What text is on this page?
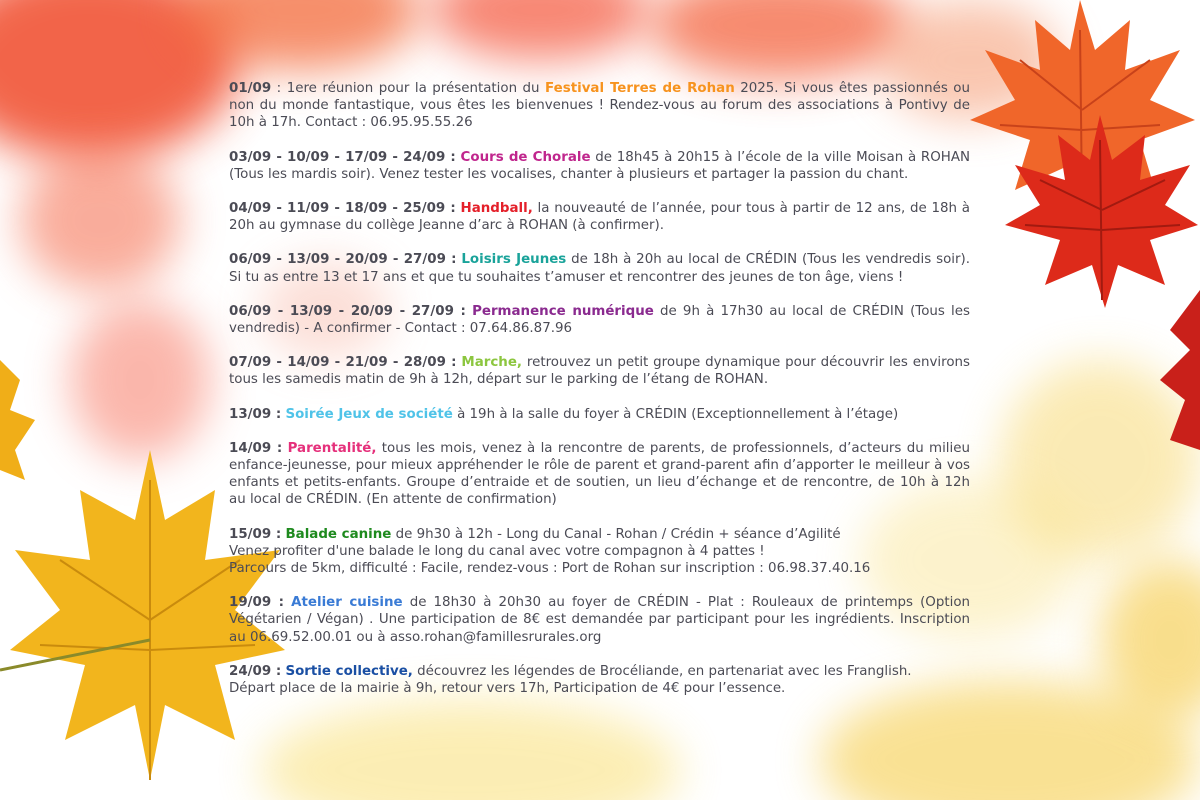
01/09 : 1ere réunion pour la présentation du Festival Terres de Rohan 2025. Si vous êtes passionnés ou non du monde fantastique, vous êtes les bienvenues ! Rendez-vous au forum des associations à Pontivy de 10h à 17h. Contact : 06.95.95.55.26
03/09 - 10/09 - 17/09 - 24/09 : Cours de Chorale de 18h45 à 20h15 à l’école de la ville Moisan à ROHAN (Tous les mardis soir). Venez tester les vocalises, chanter à plusieurs et partager la passion du chant.
04/09 - 11/09 - 18/09 - 25/09 : Handball, la nouveauté de l’année, pour tous à partir de 12 ans, de 18h à 20h au gymnase du collège Jeanne d’arc à ROHAN (à confirmer).
06/09 - 13/09 - 20/09 - 27/09 : Loisirs Jeunes de 18h à 20h au local de CRÉDIN (Tous les vendredis soir). Si tu as entre 13 et 17 ans et que tu souhaites t’amuser et rencontrer des jeunes de ton âge, viens !
06/09 - 13/09 - 20/09 - 27/09 : Permanence numérique de 9h à 17h30 au local de CRÉDIN (Tous les vendredis) - A confirmer - Contact : 07.64.86.87.96
07/09 - 14/09 - 21/09 - 28/09 : Marche, retrouvez un petit groupe dynamique pour découvrir les environs tous les samedis matin de 9h à 12h, départ sur le parking de l’étang de ROHAN.
13/09 : Soirée Jeux de société à 19h à la salle du foyer à CRÉDIN (Exceptionnellement à l’étage)
14/09 : Parentalité, tous les mois, venez à la rencontre de parents, de professionnels, d’acteurs du milieu enfance-jeunesse, pour mieux appréhender le rôle de parent et grand-parent afin d’apporter le meilleur à vos enfants et petits-enfants. Groupe d’entraide et de soutien, un lieu d’échange et de rencontre, de 10h à 12h au local de CRÉDIN. (En attente de confirmation)
15/09 : Balade canine de 9h30 à 12h - Long du Canal - Rohan / Crédin + séance d’Agilité
Venez profiter d'une balade le long du canal avec votre compagnon à 4 pattes !
Parcours de 5km, difficulté : Facile, rendez-vous : Port de Rohan sur inscription : 06.98.37.40.16
19/09 : Atelier cuisine de 18h30 à 20h30 au foyer de CRÉDIN - Plat : Rouleaux de printemps (Option Végétarien / Végan) . Une participation de 8€ est demandée par participant pour les ingrédients. Inscription au 06.69.52.00.01 ou à asso.rohan@famillesrurales.org
24/09 : Sortie collective, découvrez les légendes de Brocéliande, en partenariat avec les Franglish.
Départ place de la mairie à 9h, retour vers 17h, Participation de 4€ pour l’essence.
